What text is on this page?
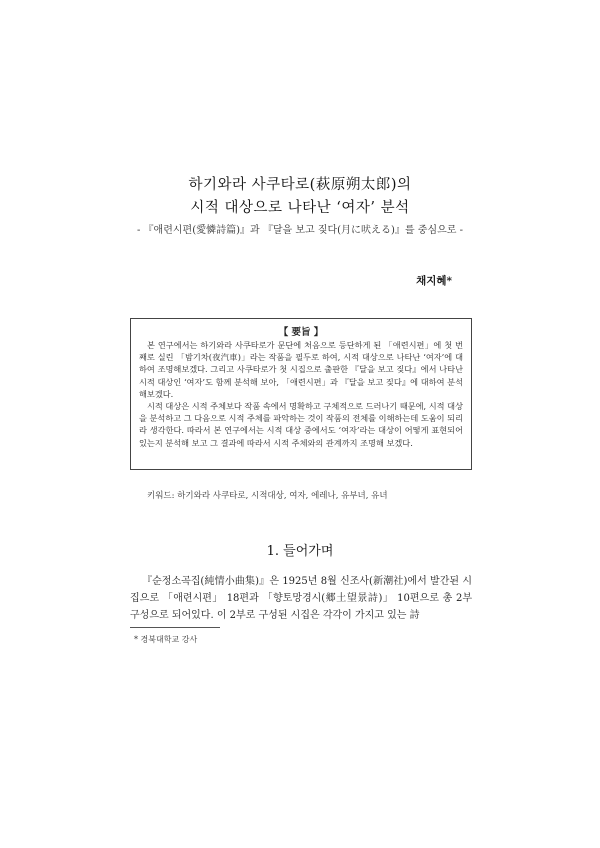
하기와라 사쿠타로(萩原朔太郎)의
시적 대상으로 나타난 ‘여자’ 분석
- 『애련시편(愛憐詩篇)』과 『달을 보고 짖다(月に吠える)』를 중심으로 -
채지혜*
【 要旨 】

본 연구에서는 하기와라 사쿠타로가 문단에 처음으로 등단하게 된 「애련시편」에 첫 번째로 실린 「밤기차(夜汽車)」라는 작품을 필두로 하여, 시적 대상으로 나타난 ‘여자’에 대하여 조명해보겠다. 그리고 사쿠타로가 첫 시집으로 출판한 『달을 보고 짖다』에서 나타난 시적 대상인 ‘여자’도 함께 분석해 보아, 「애련시편」과 『달을 보고 짖다』에 대하여 분석해보겠다.

시적 대상은 시적 주체보다 작품 속에서 명확하고 구체적으로 드러나기 때문에, 시적 대상을 분석하고 그 다음으로 시적 주체를 파악하는 것이 작품의 전체를 이해하는데 도움이 되리라 생각한다. 따라서 본 연구에서는 시적 대상 중에서도 ‘여자’라는 대상이 어떻게 표현되어 있는지 분석해 보고 그 결과에 따라서 시적 주체와의 관계까지 조명해 보겠다.

키워드: 하기와라 사쿠타로, 시적대상, 여자, 에레나, 유부녀, 유녀
1. 들어가며

『순정소곡집(純情小曲集)』은 1925년 8월 신조사(新潮社)에서 발간된 시집으로 「애련시편」 18편과 「향토망경시(郷土望景詩)」 10편으로 총 2부 구성으로 되어있다. 이 2부로 구성된 시집은 각각이 가지고 있는 詩

* 경북대학교 강사
